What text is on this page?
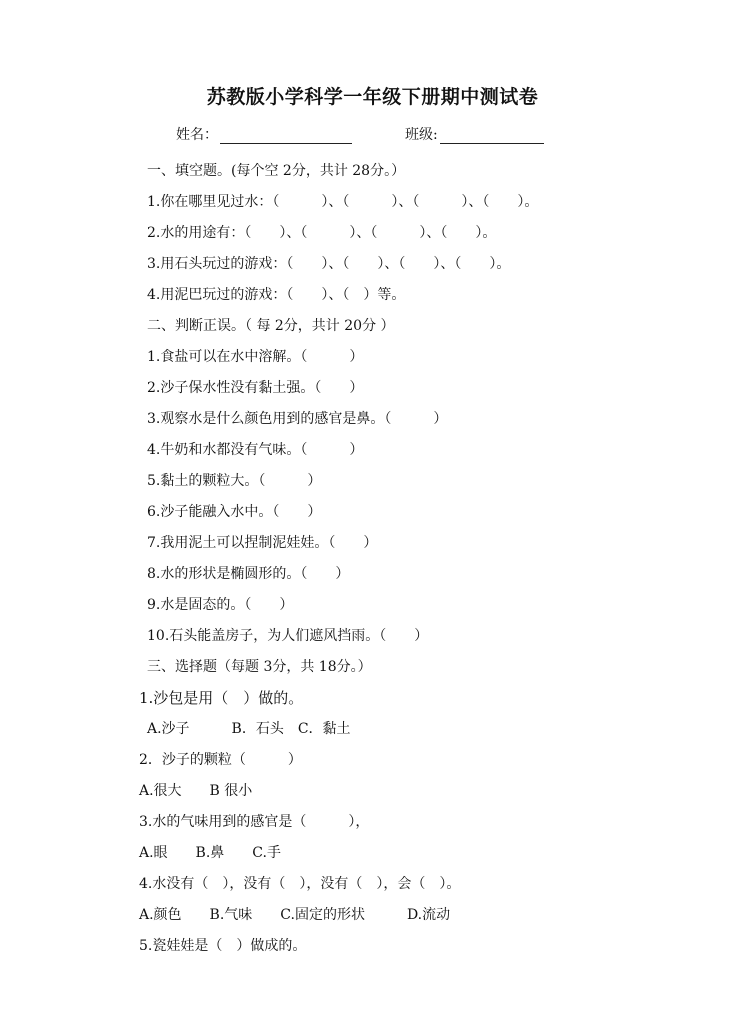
苏教版小学科学一年级下册期中测试卷
姓名：	班级:
一、填空题。(每个空 2分，共计 28分。）
1.你在哪里见过水：（　　　）、（　　　）、（　　　）、（　　）。
2.水的用途有：（　　）、（　　　）、（　　　）、（　　）。
3.用石头玩过的游戏：（　　）、（　　）、（　　）、（　　）。
4.用泥巴玩过的游戏：（　　）、（　）等。
二、判断正误。（ 每 2分，共计 20分 ）
1.食盐可以在水中溶解。（　　　）
2.沙子保水性没有黏土强。（　　）
3.观察水是什么颜色用到的感官是鼻。（　　　）
4.牛奶和水都没有气味。（　　　）
5.黏土的颗粒大。（　　　）
6.沙子能融入水中。（　　）
7.我用泥土可以捏制泥娃娃。（　　）
8.水的形状是椭圆形的。（　　）
9.水是固态的。（　　）
10.石头能盖房子，为人们遮风挡雨。（　　）
三、选择题（每题 3分，共 18分。）
1.沙包是用（　）做的。
A.沙子　　　B．石头　C．黏土
2．沙子的颗粒（　　　）
A.很大　　B 很小
3.水的气味用到的感官是（　　　），
A.眼　　B.鼻　　C.手
4.水没有（　），没有（　），没有（　），会（　）。
A.颜色　　B.气味　　C.固定的形状　　　D.流动
5.瓷娃娃是（　）做成的。
